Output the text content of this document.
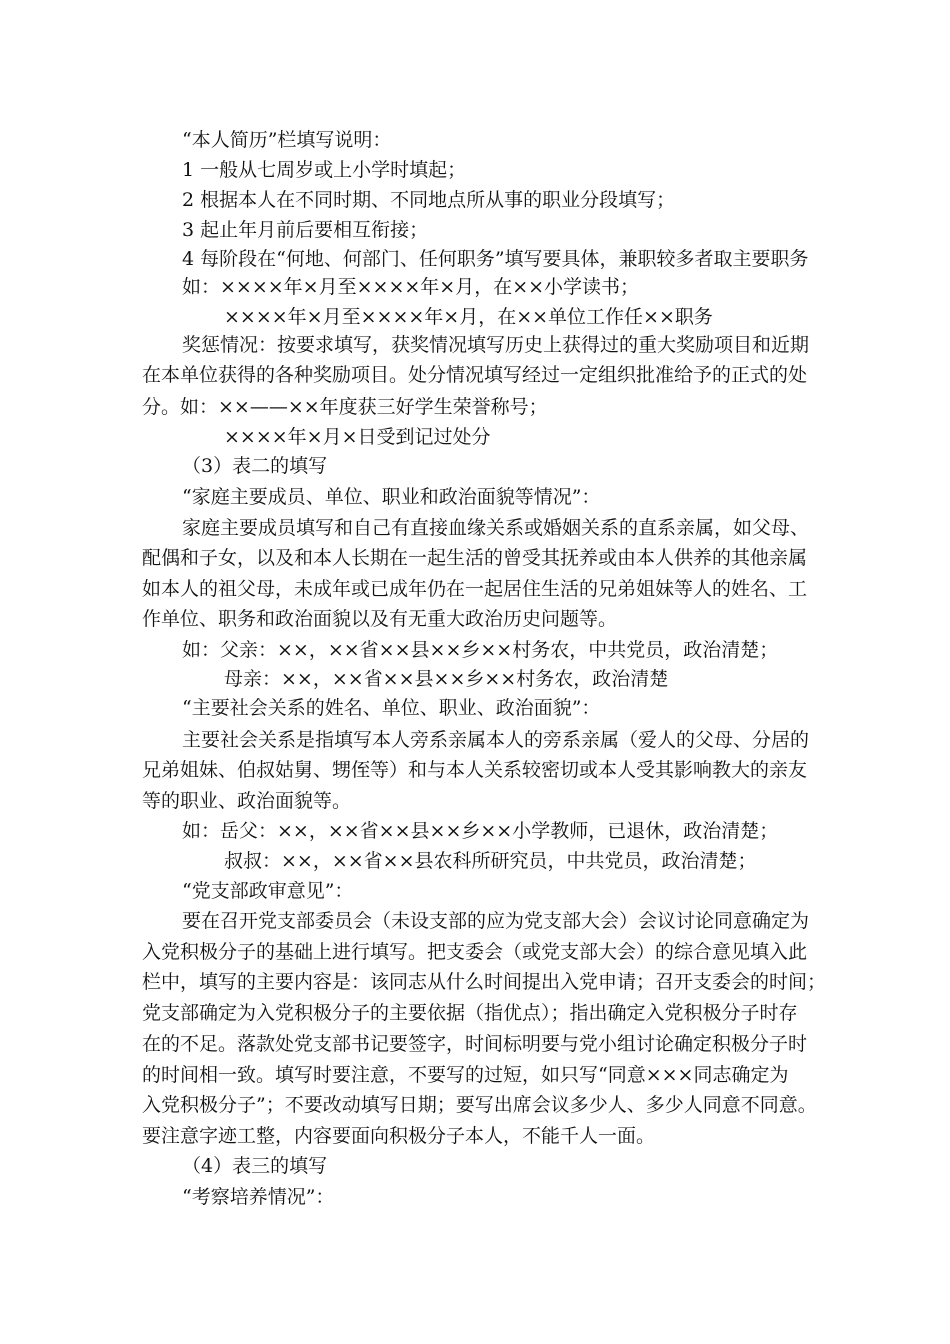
“本人简历”栏填写说明：
1 一般从七周岁或上小学时填起；
2 根据本人在不同时期、不同地点所从事的职业分段填写；
3 起止年月前后要相互衔接；
4 每阶段在“何地、何部门、任何职务”填写要具体，兼职较多者取主要职务
如：××××年×月至××××年×月，在××小学读书；
××××年×月至××××年×月，在××单位工作任××职务
奖惩情况：按要求填写，获奖情况填写历史上获得过的重大奖励项目和近期
在本单位获得的各种奖励项目。处分情况填写经过一定组织批准给予的正式的处
分。如：××——××年度获三好学生荣誉称号；
××××年×月×日受到记过处分
（3）表二的填写
“家庭主要成员、单位、职业和政治面貌等情况”：
家庭主要成员填写和自己有直接血缘关系或婚姻关系的直系亲属，如父母、
配偶和子女，以及和本人长期在一起生活的曾受其抚养或由本人供养的其他亲属
如本人的祖父母，未成年或已成年仍在一起居住生活的兄弟姐妹等人的姓名、工
作单位、职务和政治面貌以及有无重大政治历史问题等。
如：父亲：××，××省××县××乡××村务农，中共党员，政治清楚；
母亲：××，××省××县××乡××村务农，政治清楚
“主要社会关系的姓名、单位、职业、政治面貌”：
主要社会关系是指填写本人旁系亲属本人的旁系亲属（爱人的父母、分居的
兄弟姐妹、伯叔姑舅、甥侄等）和与本人关系较密切或本人受其影响教大的亲友
等的职业、政治面貌等。
如：岳父：××，××省××县××乡××小学教师，已退休，政治清楚；
叔叔：××，××省××县农科所研究员，中共党员，政治清楚；
“党支部政审意见”：
要在召开党支部委员会（未设支部的应为党支部大会）会议讨论同意确定为
入党积极分子的基础上进行填写。把支委会（或党支部大会）的综合意见填入此
栏中，填写的主要内容是：该同志从什么时间提出入党申请；召开支委会的时间；
党支部确定为入党积极分子的主要依据（指优点）；指出确定入党积极分子时存
在的不足。落款处党支部书记要签字，时间标明要与党小组讨论确定积极分子时
的时间相一致。填写时要注意，不要写的过短，如只写“同意×××同志确定为
入党积极分子”；不要改动填写日期；要写出席会议多少人、多少人同意不同意。
要注意字迹工整，内容要面向积极分子本人，不能千人一面。
（4）表三的填写
“考察培养情况”：
